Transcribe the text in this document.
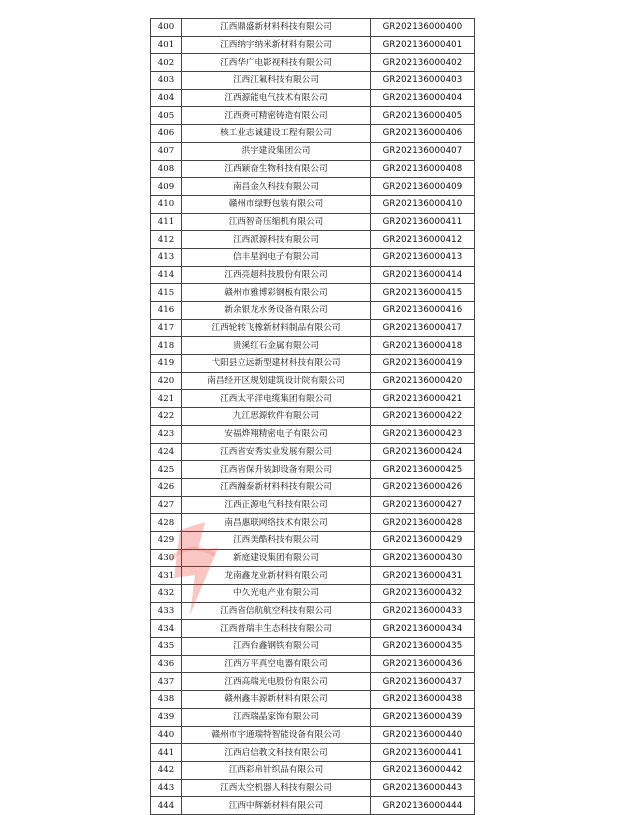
400	江西鼎盛新材料科技有限公司	GR202136000400
401	江西纳宇纳米新材料有限公司	GR202136000401
402	江西华广电影视科技有限公司	GR202136000402
403	江西江氟科技有限公司	GR202136000403
404	江西源能电气技术有限公司	GR202136000404
405	江西赉可精密铸造有限公司	GR202136000405
406	核工业志诚建设工程有限公司	GR202136000406
407	洪宇建设集团公司	GR202136000407
408	江西颖奋生物科技有限公司	GR202136000408
409	南昌金久科技有限公司	GR202136000409
410	赣州市绿野包装有限公司	GR202136000410
411	江西智奇压缩机有限公司	GR202136000411
412	江西派源科技有限公司	GR202136000412
413	信丰星润电子有限公司	GR202136000413
414	江西亮超科技股份有限公司	GR202136000414
415	赣州市雅博彩钢板有限公司	GR202136000415
416	新余银龙水务设备有限公司	GR202136000416
417	江西轮转飞橡新材料制品有限公司	GR202136000417
418	贵溪红石金属有限公司	GR202136000418
419	弋阳县立远新型建材科技有限公司	GR202136000419
420	南昌经开区规划建筑设计院有限公司	GR202136000420
421	江西太平洋电缆集团有限公司	GR202136000421
422	九江思源软件有限公司	GR202136000422
423	安福烨翔精密电子有限公司	GR202136000423
424	江西省安秀实业发展有限公司	GR202136000424
425	江西省保升装卸设备有限公司	GR202136000425
426	江西瀚泰新材料科技有限公司	GR202136000426
427	江西正源电气科技有限公司	GR202136000427
428	南昌惠联网络技术有限公司	GR202136000428
429	江西美酷科技有限公司	GR202136000429
430	新庭建设集团有限公司	GR202136000430
431	龙南鑫龙业新材料有限公司	GR202136000431
432	中久光电产业有限公司	GR202136000432
433	江西省信航航空科技有限公司	GR202136000433
434	江西普瑞丰生态科技有限公司	GR202136000434
435	江西台鑫钢铁有限公司	GR202136000435
436	江西万平真空电器有限公司	GR202136000436
437	江西高瑞光电股份有限公司	GR202136000437
438	赣州鑫丰源新材料有限公司	GR202136000438
439	江西瑞晶家饰有限公司	GR202136000439
440	赣州市宇通瑞特智能设备有限公司	GR202136000440
441	江西启信教文科技有限公司	GR202136000441
442	江西彩帛针织品有限公司	GR202136000442
443	江西太空机器人科技有限公司	GR202136000443
444	江西中辉新材料有限公司	GR202136000444
